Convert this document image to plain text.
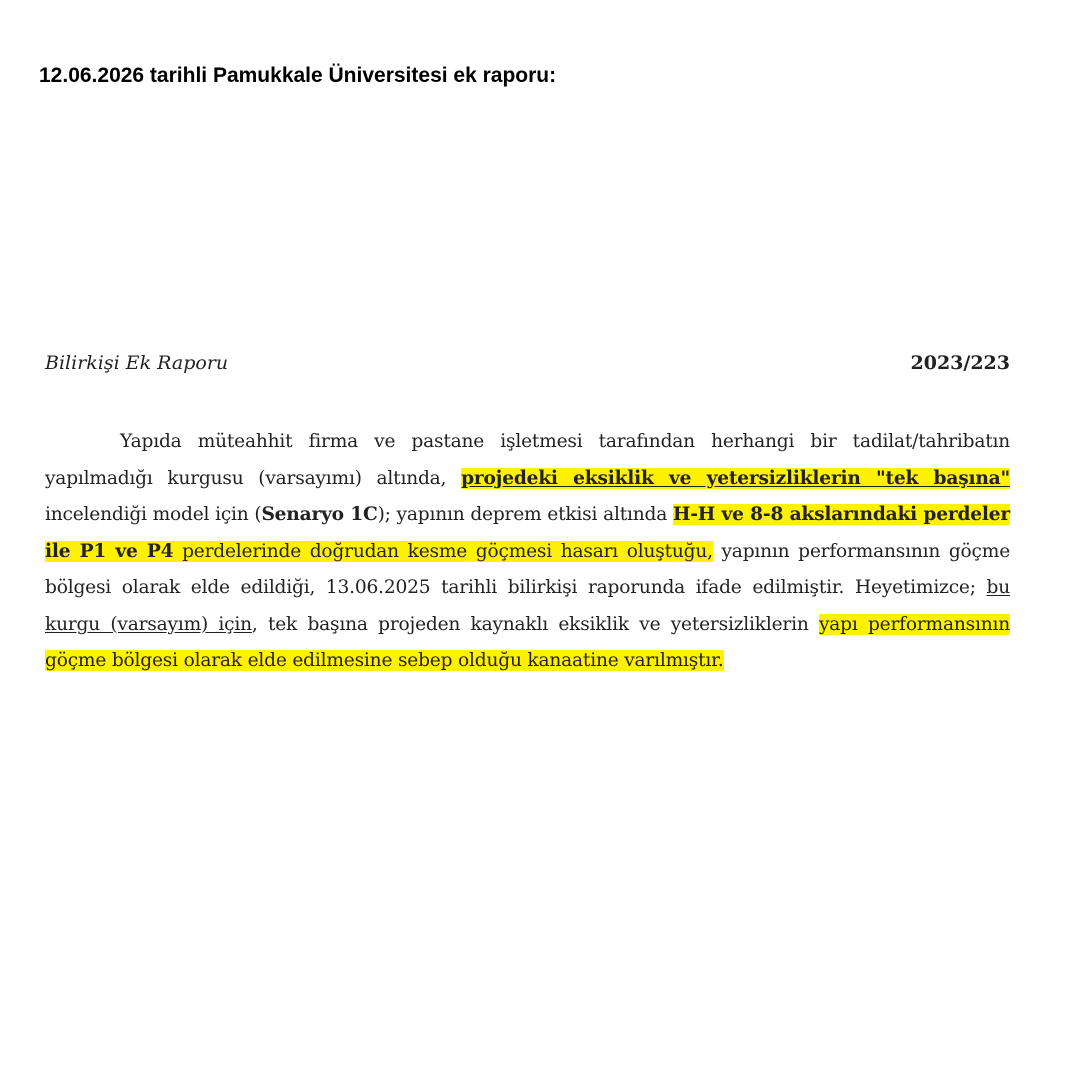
12.06.2026 tarihli Pamukkale Üniversitesi ek raporu:
Bilirkişi Ek Raporu	2023/223

Yapıda müteahhit firma ve pastane işletmesi tarafından herhangi bir tadilat/tahribatın yapılmadığı kurgusu (varsayımı) altında, projedeki eksiklik ve yetersizliklerin "tek başına" incelendiği model için (Senaryo 1C); yapının deprem etkisi altında H-H ve 8-8 akslarındaki perdeler ile P1 ve P4 perdelerinde doğrudan kesme göçmesi hasarı oluştuğu, yapının performansının göçme bölgesi olarak elde edildiği, 13.06.2025 tarihli bilirkişi raporunda ifade edilmiştir. Heyetimizce; bu kurgu (varsayım) için, tek başına projeden kaynaklı eksiklik ve yetersizliklerin yapı performansının göçme bölgesi olarak elde edilmesine sebep olduğu kanaatine varılmıştır.
